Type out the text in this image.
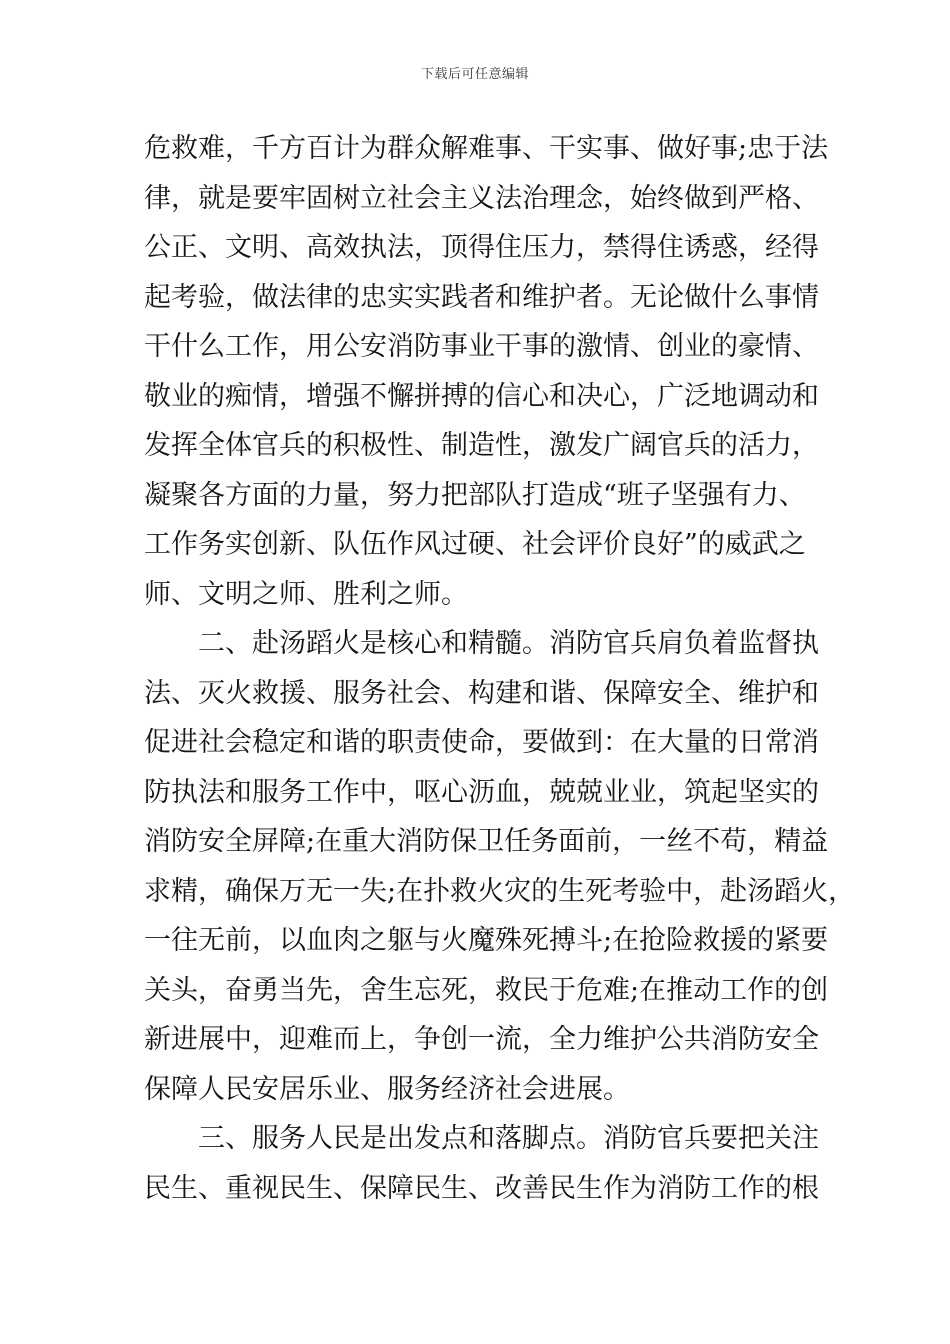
下载后可任意编辑
危救难，千方百计为群众解难事、干实事、做好事;忠于法
律，就是要牢固树立社会主义法治理念，始终做到严格、
公正、文明、高效执法，顶得住压力，禁得住诱惑，经得
起考验，做法律的忠实实践者和维护者。无论做什么事情
干什么工作，用公安消防事业干事的激情、创业的豪情、
敬业的痴情，增强不懈拼搏的信心和决心，广泛地调动和
发挥全体官兵的积极性、制造性，激发广阔官兵的活力，
凝聚各方面的力量，努力把部队打造成“班子坚强有力、
工作务实创新、队伍作风过硬、社会评价良好”的威武之
师、文明之师、胜利之师。
二、赴汤蹈火是核心和精髓。消防官兵肩负着监督执
法、灭火救援、服务社会、构建和谐、保障安全、维护和
促进社会稳定和谐的职责使命，要做到：在大量的日常消
防执法和服务工作中，呕心沥血，兢兢业业，筑起坚实的
消防安全屏障;在重大消防保卫任务面前，一丝不苟，精益
求精，确保万无一失;在扑救火灾的生死考验中，赴汤蹈火，
一往无前，以血肉之躯与火魔殊死搏斗;在抢险救援的紧要
关头，奋勇当先，舍生忘死，救民于危难;在推动工作的创
新进展中，迎难而上，争创一流，全力维护公共消防安全
保障人民安居乐业、服务经济社会进展。
三、服务人民是出发点和落脚点。消防官兵要把关注
民生、重视民生、保障民生、改善民生作为消防工作的根
